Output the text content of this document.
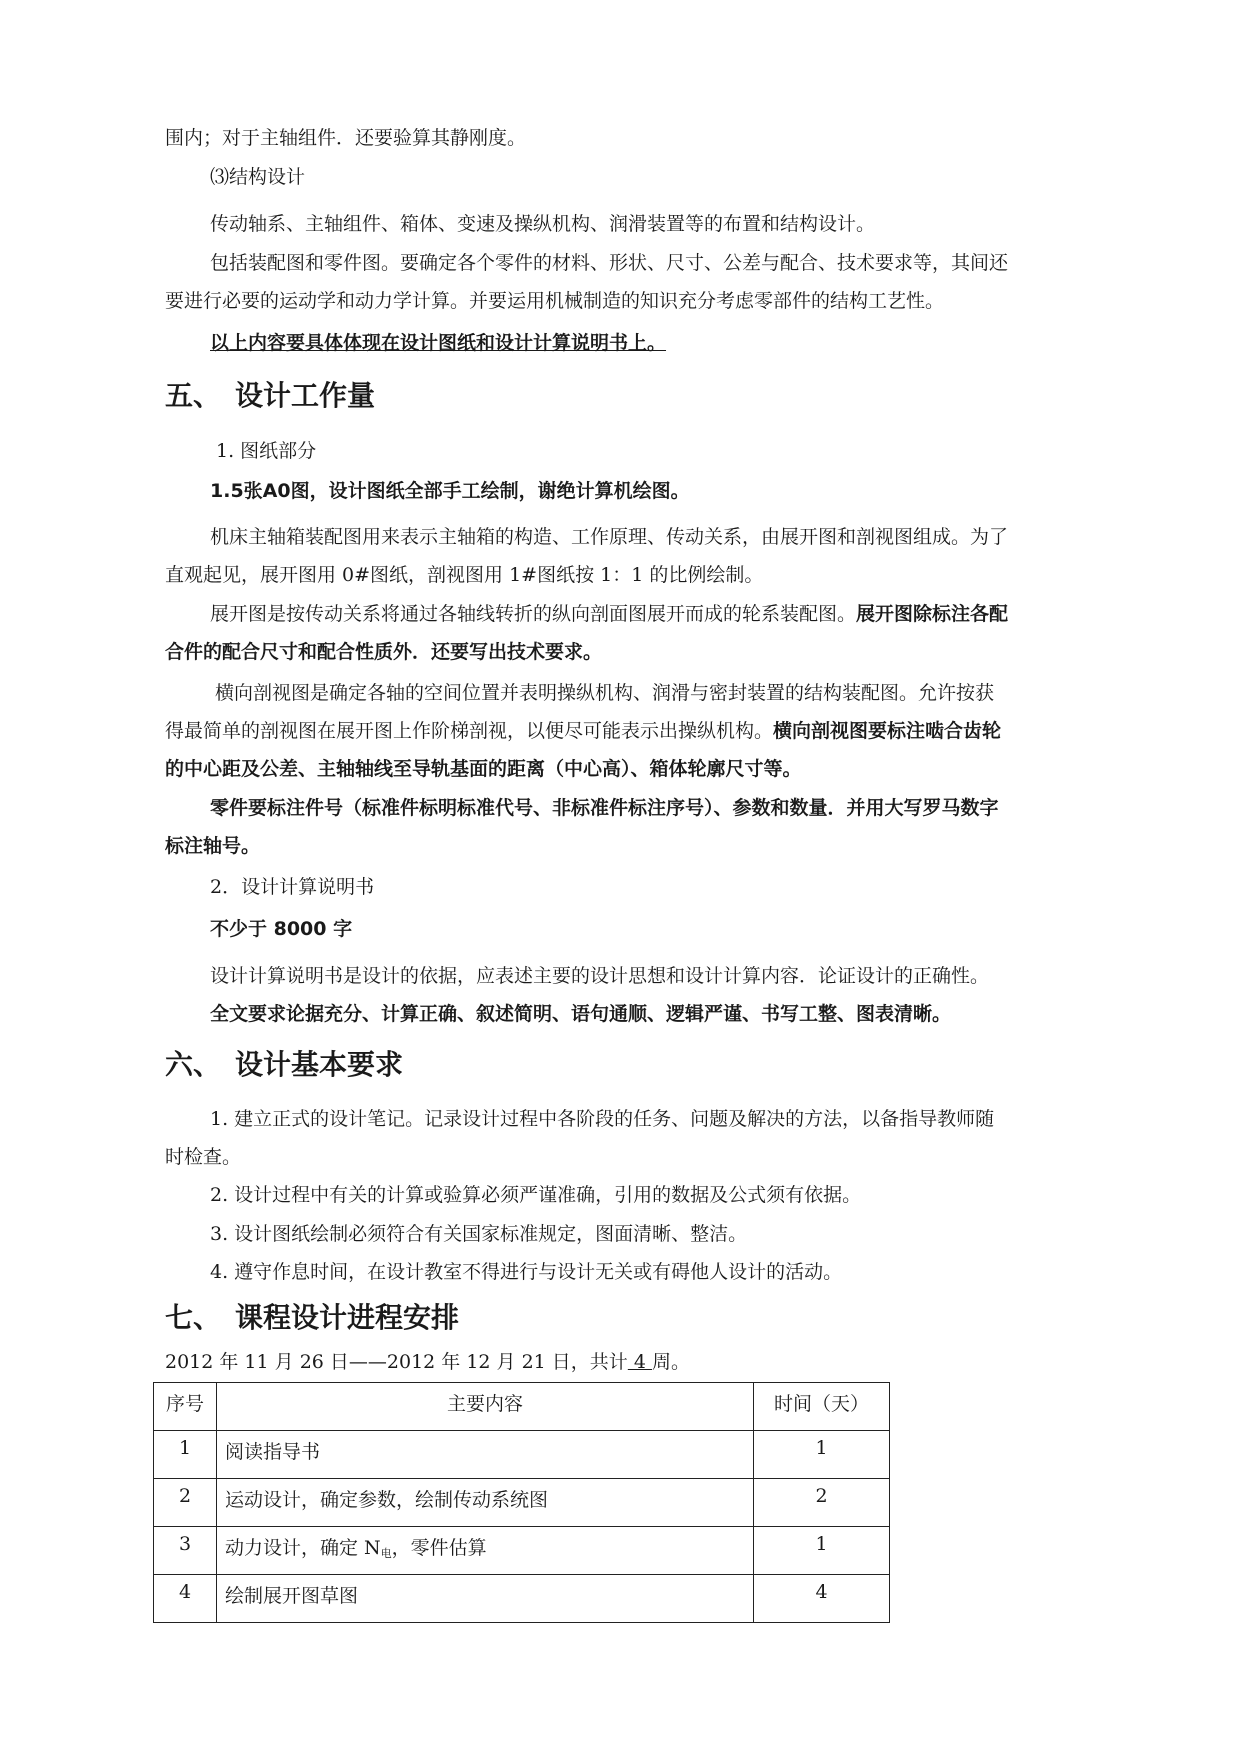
围内；对于主轴组件．还要验算其静刚度。
⑶结构设计
传动轴系、主轴组件、箱体、变速及操纵机构、润滑装置等的布置和结构设计。
包括装配图和零件图。要确定各个零件的材料、形状、尺寸、公差与配合、技术要求等，其间还
要进行必要的运动学和动力学计算。并要运用机械制造的知识充分考虑零部件的结构工艺性。
以上内容要具体体现在设计图纸和设计计算说明书上。
五、　设计工作量
1. 图纸部分
1.5张A0图，设计图纸全部手工绘制，谢绝计算机绘图。
机床主轴箱装配图用来表示主轴箱的构造、工作原理、传动关系，由展开图和剖视图组成。为了
直观起见，展开图用 0#图纸，剖视图用 1#图纸按 1：1 的比例绘制。
展开图是按传动关系将通过各轴线转折的纵向剖面图展开而成的轮系装配图。展开图除标注各配
合件的配合尺寸和配合性质外．还要写出技术要求。
横向剖视图是确定各轴的空间位置并表明操纵机构、润滑与密封装置的结构装配图。允许按获
得最简单的剖视图在展开图上作阶梯剖视，以便尽可能表示出操纵机构。横向剖视图要标注啮合齿轮
的中心距及公差、主轴轴线至导轨基面的距离（中心高）、箱体轮廓尺寸等。
零件要标注件号（标准件标明标准代号、非标准件标注序号）、参数和数量．并用大写罗马数字
标注轴号。
2．设计计算说明书
不少于 8000 字
设计计算说明书是设计的依据，应表述主要的设计思想和设计计算内容．论证设计的正确性。
全文要求论据充分、计算正确、叙述简明、语句通顺、逻辑严谨、书写工整、图表清晰。
六、　设计基本要求
1. 建立正式的设计笔记。记录设计过程中各阶段的任务、问题及解决的方法，以备指导教师随
时检查。
2. 设计过程中有关的计算或验算必须严谨准确，引用的数据及公式须有依据。
3. 设计图纸绘制必须符合有关国家标准规定，图面清晰、整洁。
4. 遵守作息时间，在设计教室不得进行与设计无关或有碍他人设计的活动。
七、　课程设计进程安排
2012 年 11 月 26 日——2012 年 12 月 21 日，共计 4 周。
序号	主要内容	时间（天）
1	阅读指导书	1
2	运动设计，确定参数，绘制传动系统图	2
3	动力设计，确定 $N_电$，零件估算	1
4	绘制展开图草图	4
